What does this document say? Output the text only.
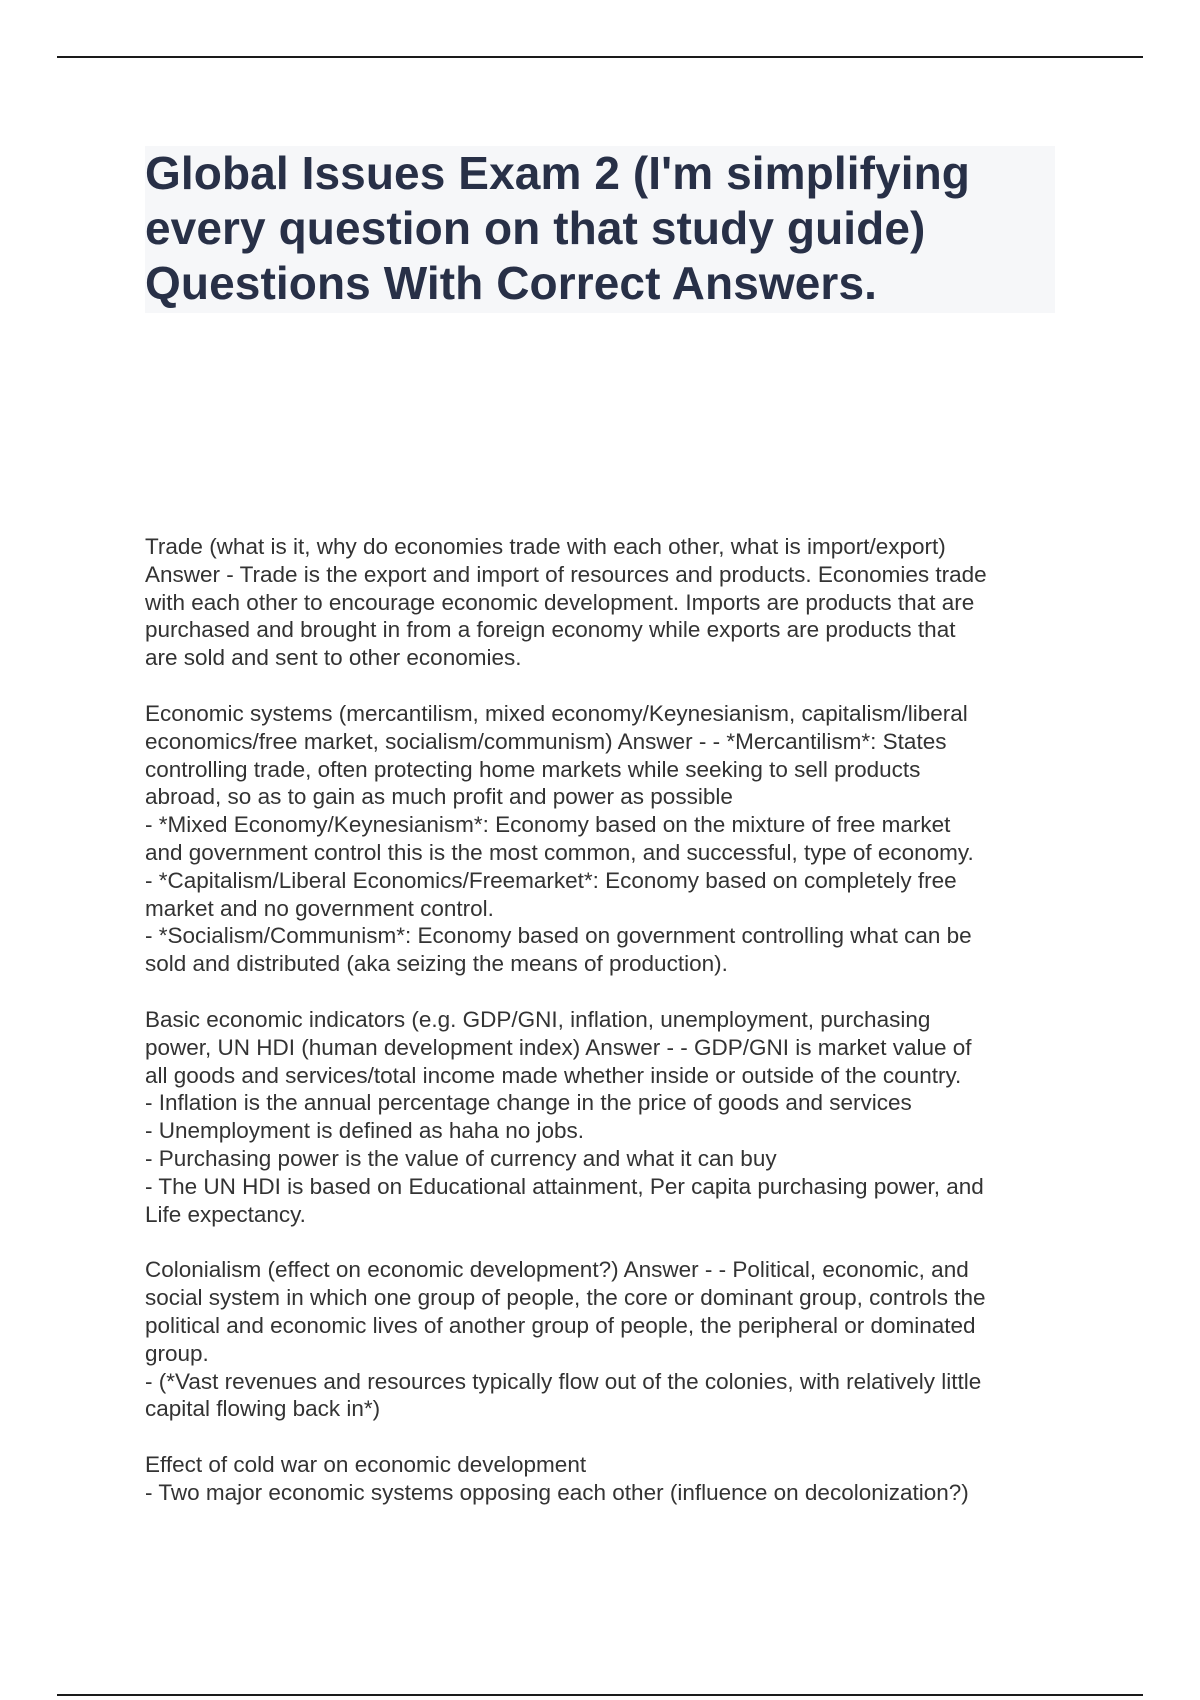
Global Issues Exam 2 (I'm simplifying
every question on that study guide)
Questions With Correct Answers.
Trade (what is it, why do economies trade with each other, what is import/export)
Answer - Trade is the export and import of resources and products. Economies trade
with each other to encourage economic development. Imports are products that are
purchased and brought in from a foreign economy while exports are products that
are sold and sent to other economies.
Economic systems (mercantilism, mixed economy/Keynesianism, capitalism/liberal
economics/free market, socialism/communism) Answer - - *Mercantilism*: States
controlling trade, often protecting home markets while seeking to sell products
abroad, so as to gain as much profit and power as possible
- *Mixed Economy/Keynesianism*: Economy based on the mixture of free market
and government control this is the most common, and successful, type of economy.
- *Capitalism/Liberal Economics/Freemarket*: Economy based on completely free
market and no government control.
- *Socialism/Communism*: Economy based on government controlling what can be
sold and distributed (aka seizing the means of production).
Basic economic indicators (e.g. GDP/GNI, inflation, unemployment, purchasing
power, UN HDI (human development index) Answer - - GDP/GNI is market value of
all goods and services/total income made whether inside or outside of the country.
- Inflation is the annual percentage change in the price of goods and services
- Unemployment is defined as haha no jobs.
- Purchasing power is the value of currency and what it can buy
- The UN HDI is based on Educational attainment, Per capita purchasing power, and
Life expectancy.
Colonialism (effect on economic development?) Answer - - Political, economic, and
social system in which one group of people, the core or dominant group, controls the
political and economic lives of another group of people, the peripheral or dominated
group.
- (*Vast revenues and resources typically flow out of the colonies, with relatively little
capital flowing back in*)
Effect of cold war on economic development
- Two major economic systems opposing each other (influence on decolonization?)
